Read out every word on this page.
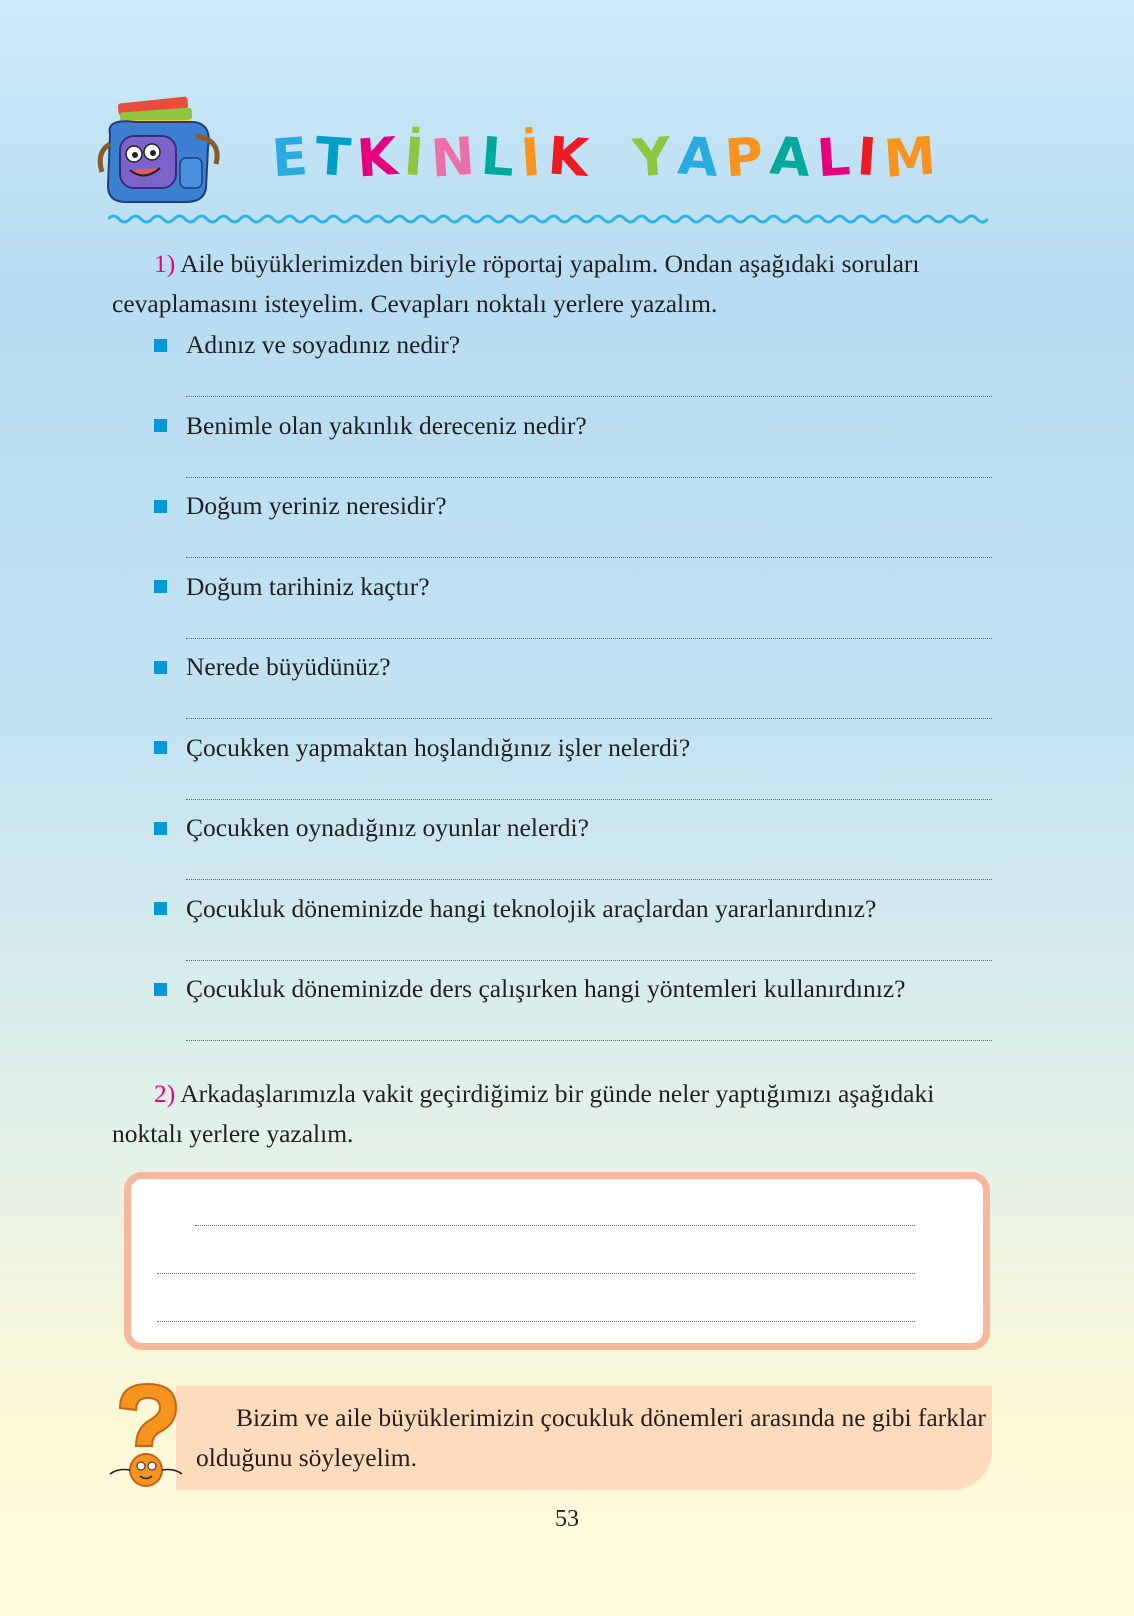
ETKİNLİK YAPALIM
1) Aile büyüklerimizden biriyle röportaj yapalım. Ondan aşağıdaki soruları cevaplamasını isteyelim. Cevapları noktalı yerlere yazalım.
Adınız ve soyadınız nedir?
Benimle olan yakınlık dereceniz nedir?
Doğum yeriniz neresidir?
Doğum tarihiniz kaçtır?
Nerede büyüdünüz?
Çocukken yapmaktan hoşlandığınız işler nelerdi?
Çocukken oynadığınız oyunlar nelerdi?
Çocukluk döneminizde hangi teknolojik araçlardan yararlanırdınız?
Çocukluk döneminizde ders çalışırken hangi yöntemleri kullanırdınız?
2) Arkadaşlarımızla vakit geçirdiğimiz bir günde neler yaptığımızı aşağıdaki noktalı yerlere yazalım.
Bizim ve aile büyüklerimizin çocukluk dönemleri arasında ne gibi farklar olduğunu söyleyelim.
53
